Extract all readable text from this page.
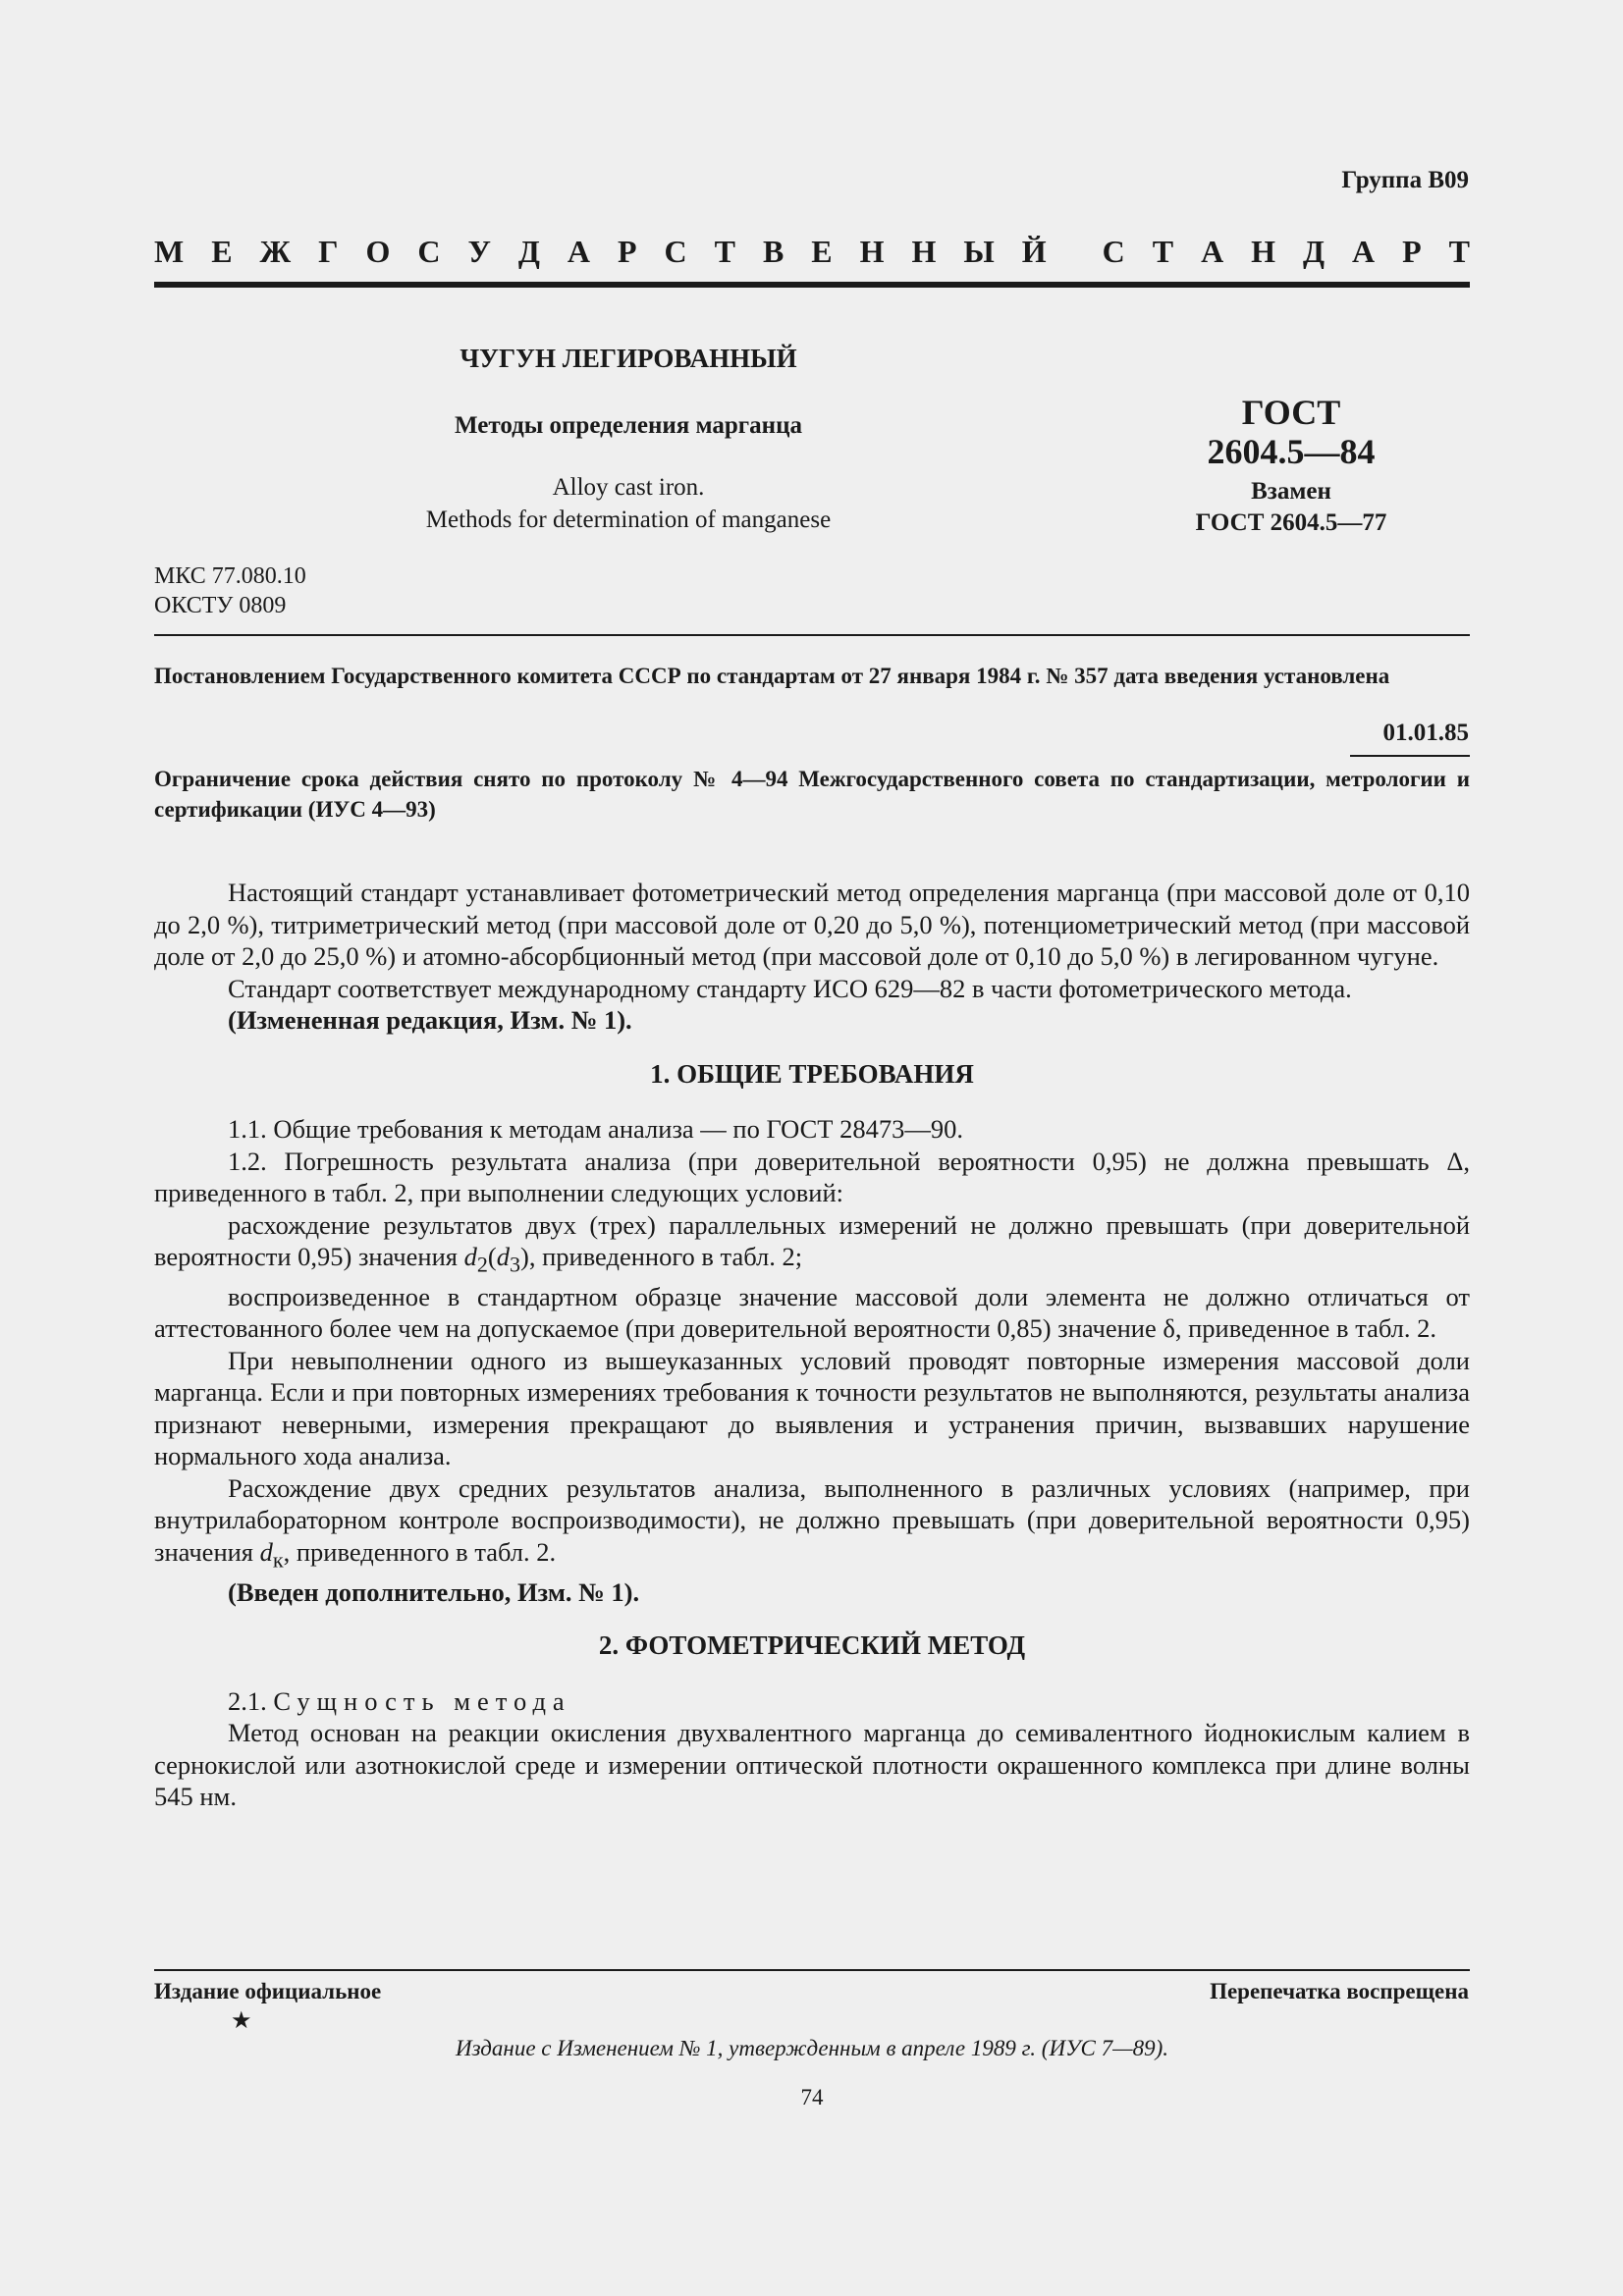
Группа В09
М Е Ж Г О С У Д А Р С Т В Е Н Н Ы Й С Т А Н Д А Р Т
ЧУГУН ЛЕГИРОВАННЫЙ
Методы определения марганца
Alloy cast iron.
Methods for determination of manganese
ГОСТ
2604.5—84
Взамен
ГОСТ 2604.5—77
МКС 77.080.10
ОКСТУ 0809
Постановлением Государственного комитета СССР по стандартам от 27 января 1984 г. № 357 дата введения установлена
01.01.85
Ограничение срока действия снято по протоколу № 4—94 Межгосударственного совета по стандартизации, метрологии и сертификации (ИУС 4—93)

Настоящий стандарт устанавливает фотометрический метод определения марганца (при массовой доле от 0,10 до 2,0 %), титриметрический метод (при массовой доле от 0,20 до 5,0 %), потенциометрический метод (при массовой доле от 2,0 до 25,0 %) и атомно-абсорбционный метод (при массовой доле от 0,10 до 5,0 %) в легированном чугуне.

Стандарт соответствует международному стандарту ИСО 629—82 в части фотометрического метода.

(Измененная редакция, Изм. № 1).

1. ОБЩИЕ ТРЕБОВАНИЯ

1.1. Общие требования к методам анализа — по ГОСТ 28473—90.

1.2. Погрешность результата анализа (при доверительной вероятности 0,95) не должна превышать Δ, приведенного в табл. 2, при выполнении следующих условий:

расхождение результатов двух (трех) параллельных измерений не должно превышать (при доверительной вероятности 0,95) значения $d_2(d_3)$, приведенного в табл. 2;

воспроизведенное в стандартном образце значение массовой доли элемента не должно отличаться от аттестованного более чем на допускаемое (при доверительной вероятности 0,85) значение δ, приведенное в табл. 2.

При невыполнении одного из вышеуказанных условий проводят повторные измерения массовой доли марганца. Если и при повторных измерениях требования к точности результатов не выполняются, результаты анализа признают неверными, измерения прекращают до выявления и устранения причин, вызвавших нарушение нормального хода анализа.

Расхождение двух средних результатов анализа, выполненного в различных условиях (например, при внутрилабораторном контроле воспроизводимости), не должно превышать (при доверительной вероятности 0,95) значения $d_к$, приведенного в табл. 2.

(Введен дополнительно, Изм. № 1).

2. ФОТОМЕТРИЧЕСКИЙ МЕТОД

2.1. Сущность метода

Метод основан на реакции окисления двухвалентного марганца до семивалентного йоднокислым калием в сернокислой или азотнокислой среде и измерении оптической плотности окрашенного комплекса при длине волны 545 нм.

Издание официальное	Перепечатка воспрещена
★
Издание с Изменением № 1, утвержденным в апреле 1989 г. (ИУС 7—89).
74
